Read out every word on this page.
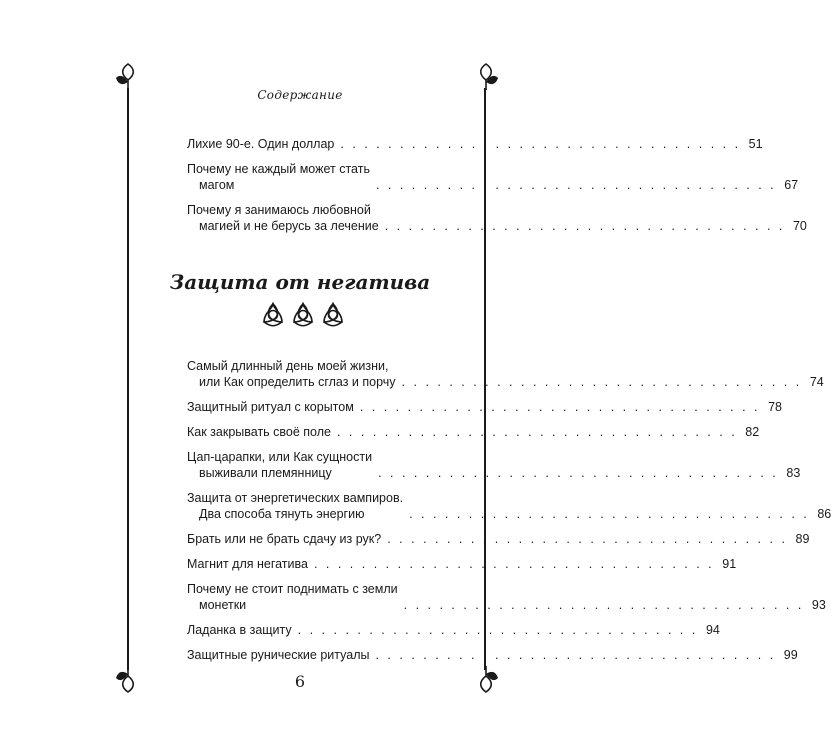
Содержание
Лихие 90-е. Один доллар . . . . . . . . . . . . . . . . . . . . . . . . . . . . . . . . . . 51
Почему не каждый может стать
магом	. . . . . . . . . . . . . . . . . . . . . . . . . . . . . . . . . . 67
Почему я занимаюсь любовной
магией и не берусь за лечение . . . . . . . . . . . . . . . . . . . . . . . . . . . . . . . . . . 70
Защита от негатива
Самый длинный день моей жизни,
или Как определить сглаз и порчу . . . . . . . . . . . . . . . . . . . . . . . . . . . . . . . . . . 74
Защитный ритуал с корытом . . . . . . . . . . . . . . . . . . . . . . . . . . . . . . . . . . 78
Как закрывать своё поле . . . . . . . . . . . . . . . . . . . . . . . . . . . . . . . . . . 82
Цап-царапки, или Как сущности
выживали племянницу	. . . . . . . . . . . . . . . . . . . . . . . . . . . . . . . . . . 83
Защита от энергетических вампиров.
Два способа тянуть энергию	. . . . . . . . . . . . . . . . . . . . . . . . . . . . . . . . . . 86
Брать или не брать сдачу из рук? . . . . . . . . . . . . . . . . . . . . . . . . . . . . . . . . . . 89
Магнит для негатива . . . . . . . . . . . . . . . . . . . . . . . . . . . . . . . . . . 91
Почему не стоит поднимать с земли
монетки	. . . . . . . . . . . . . . . . . . . . . . . . . . . . . . . . . . 93
Ладанка в защиту . . . . . . . . . . . . . . . . . . . . . . . . . . . . . . . . . . 94
Защитные рунические ритуалы . . . . . . . . . . . . . . . . . . . . . . . . . . . . . . . . . . 99
6
